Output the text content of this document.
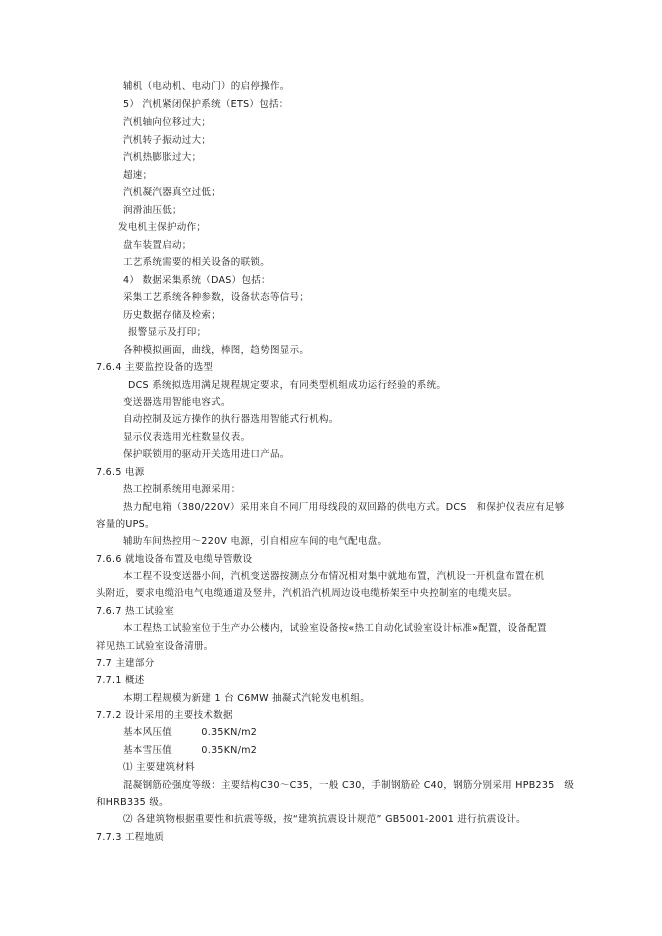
辅机（电动机、电动门）的启停操作。
5） 汽机紧闭保护系统（ETS）包括：
汽机轴向位移过大；
汽机转子振动过大；
汽机热膨胀过大；
超速；
汽机凝汽器真空过低；
润滑油压低；
发电机主保护动作；
盘车装置启动；
工艺系统需要的相关设备的联锁。
4） 数据采集系统（DAS）包括：
采集工艺系统各种参数，设备状态等信号；
历史数据存储及检索；
报警显示及打印；
各种模拟画面，曲线，棒图，趋势图显示。
7.6.4 主要监控设备的选型
DCS 系统拟选用满足规程规定要求，有同类型机组成功运行经验的系统。
变送器选用智能电容式。
自动控制及远方操作的执行器选用智能式行机构。
显示仪表选用光柱数显仪表。
保护联锁用的驱动开关选用进口产品。
7.6.5 电源
热工控制系统用电源采用：
热力配电箱（380/220V）采用来自不同厂用母线段的双回路的供电方式。DCS　和保护仪表应有足够
容量的UPS。
辅助车间热控用～220V 电源，引自相应车间的电气配电盘。
7.6.6 就地设备布置及电缆导管敷设
本工程不设变送器小间，汽机变送器按测点分布情况相对集中就地布置，汽机设一开机盘布置在机
头附近，要求电缆沿电气电缆通道及竖井，汽机沿汽机周边设电缆桥架至中央控制室的电缆夹层。
7.6.7 热工试验室
本工程热工试验室位于生产办公楼内，试验室设备按«热工自动化试验室设计标准»配置，设备配置
祥见热工试验室设备清册。
7.7 主建部分
7.7.1 概述
本期工程规模为新建 1 台 C6MW 抽凝式汽轮发电机组。
7.7.2 设计采用的主要技术数据
基本风压值　　　0.35KN/m2
基本雪压值　　　0.35KN/m2
⑴ 主要建筑材料
混凝钢筋砼强度等级：主要结构C30～C35，一般 C30，手制钢筋砼 C40，钢筋分别采用 HPB235　级
和HRB335 级。
⑵ 各建筑物根据重要性和抗震等级，按“建筑抗震设计规范” GB5001-2001 进行抗震设计。
7.7.3 工程地质
